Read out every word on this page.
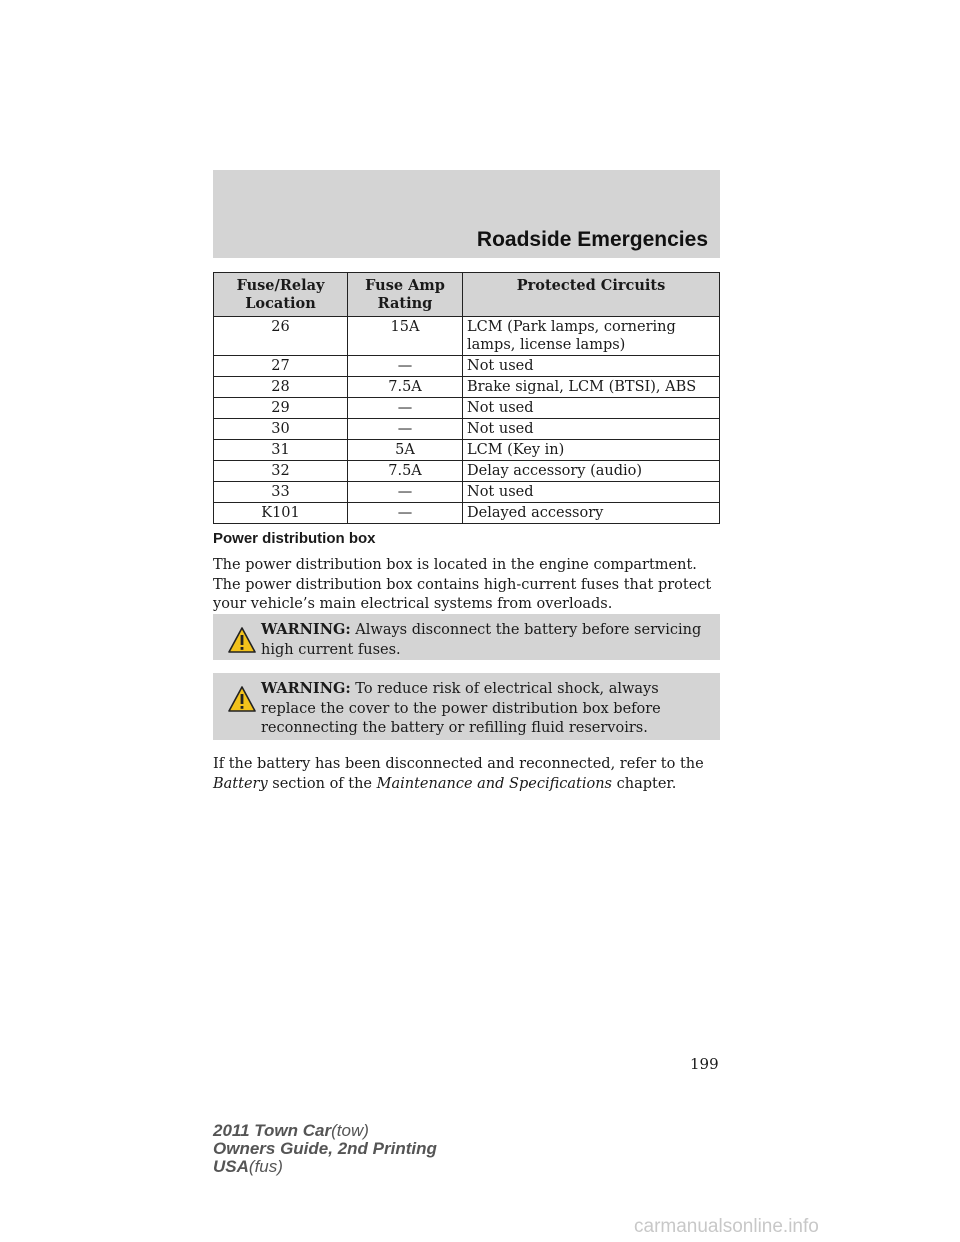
Roadside Emergencies
Fuse/Relay Location	Fuse Amp Rating	Protected Circuits
26	15A	LCM (Park lamps, cornering lamps, license lamps)
27	—	Not used
28	7.5A	Brake signal, LCM (BTSI), ABS
29	—	Not used
30	—	Not used
31	5A	LCM (Key in)
32	7.5A	Delay accessory (audio)
33	—	Not used
K101	—	Delayed accessory
Power distribution box
The power distribution box is located in the engine compartment. The power distribution box contains high-current fuses that protect your vehicle’s main electrical systems from overloads.

WARNING: Always disconnect the battery before servicing high current fuses.

WARNING: To reduce risk of electrical shock, always replace the cover to the power distribution box before reconnecting the battery or refilling fluid reservoirs.

If the battery has been disconnected and reconnected, refer to the Battery section of the Maintenance and Specifications chapter.
199
2011 Town Car(tow)
Owners Guide, 2nd Printing
USA(fus)
carmanualsonline.info
